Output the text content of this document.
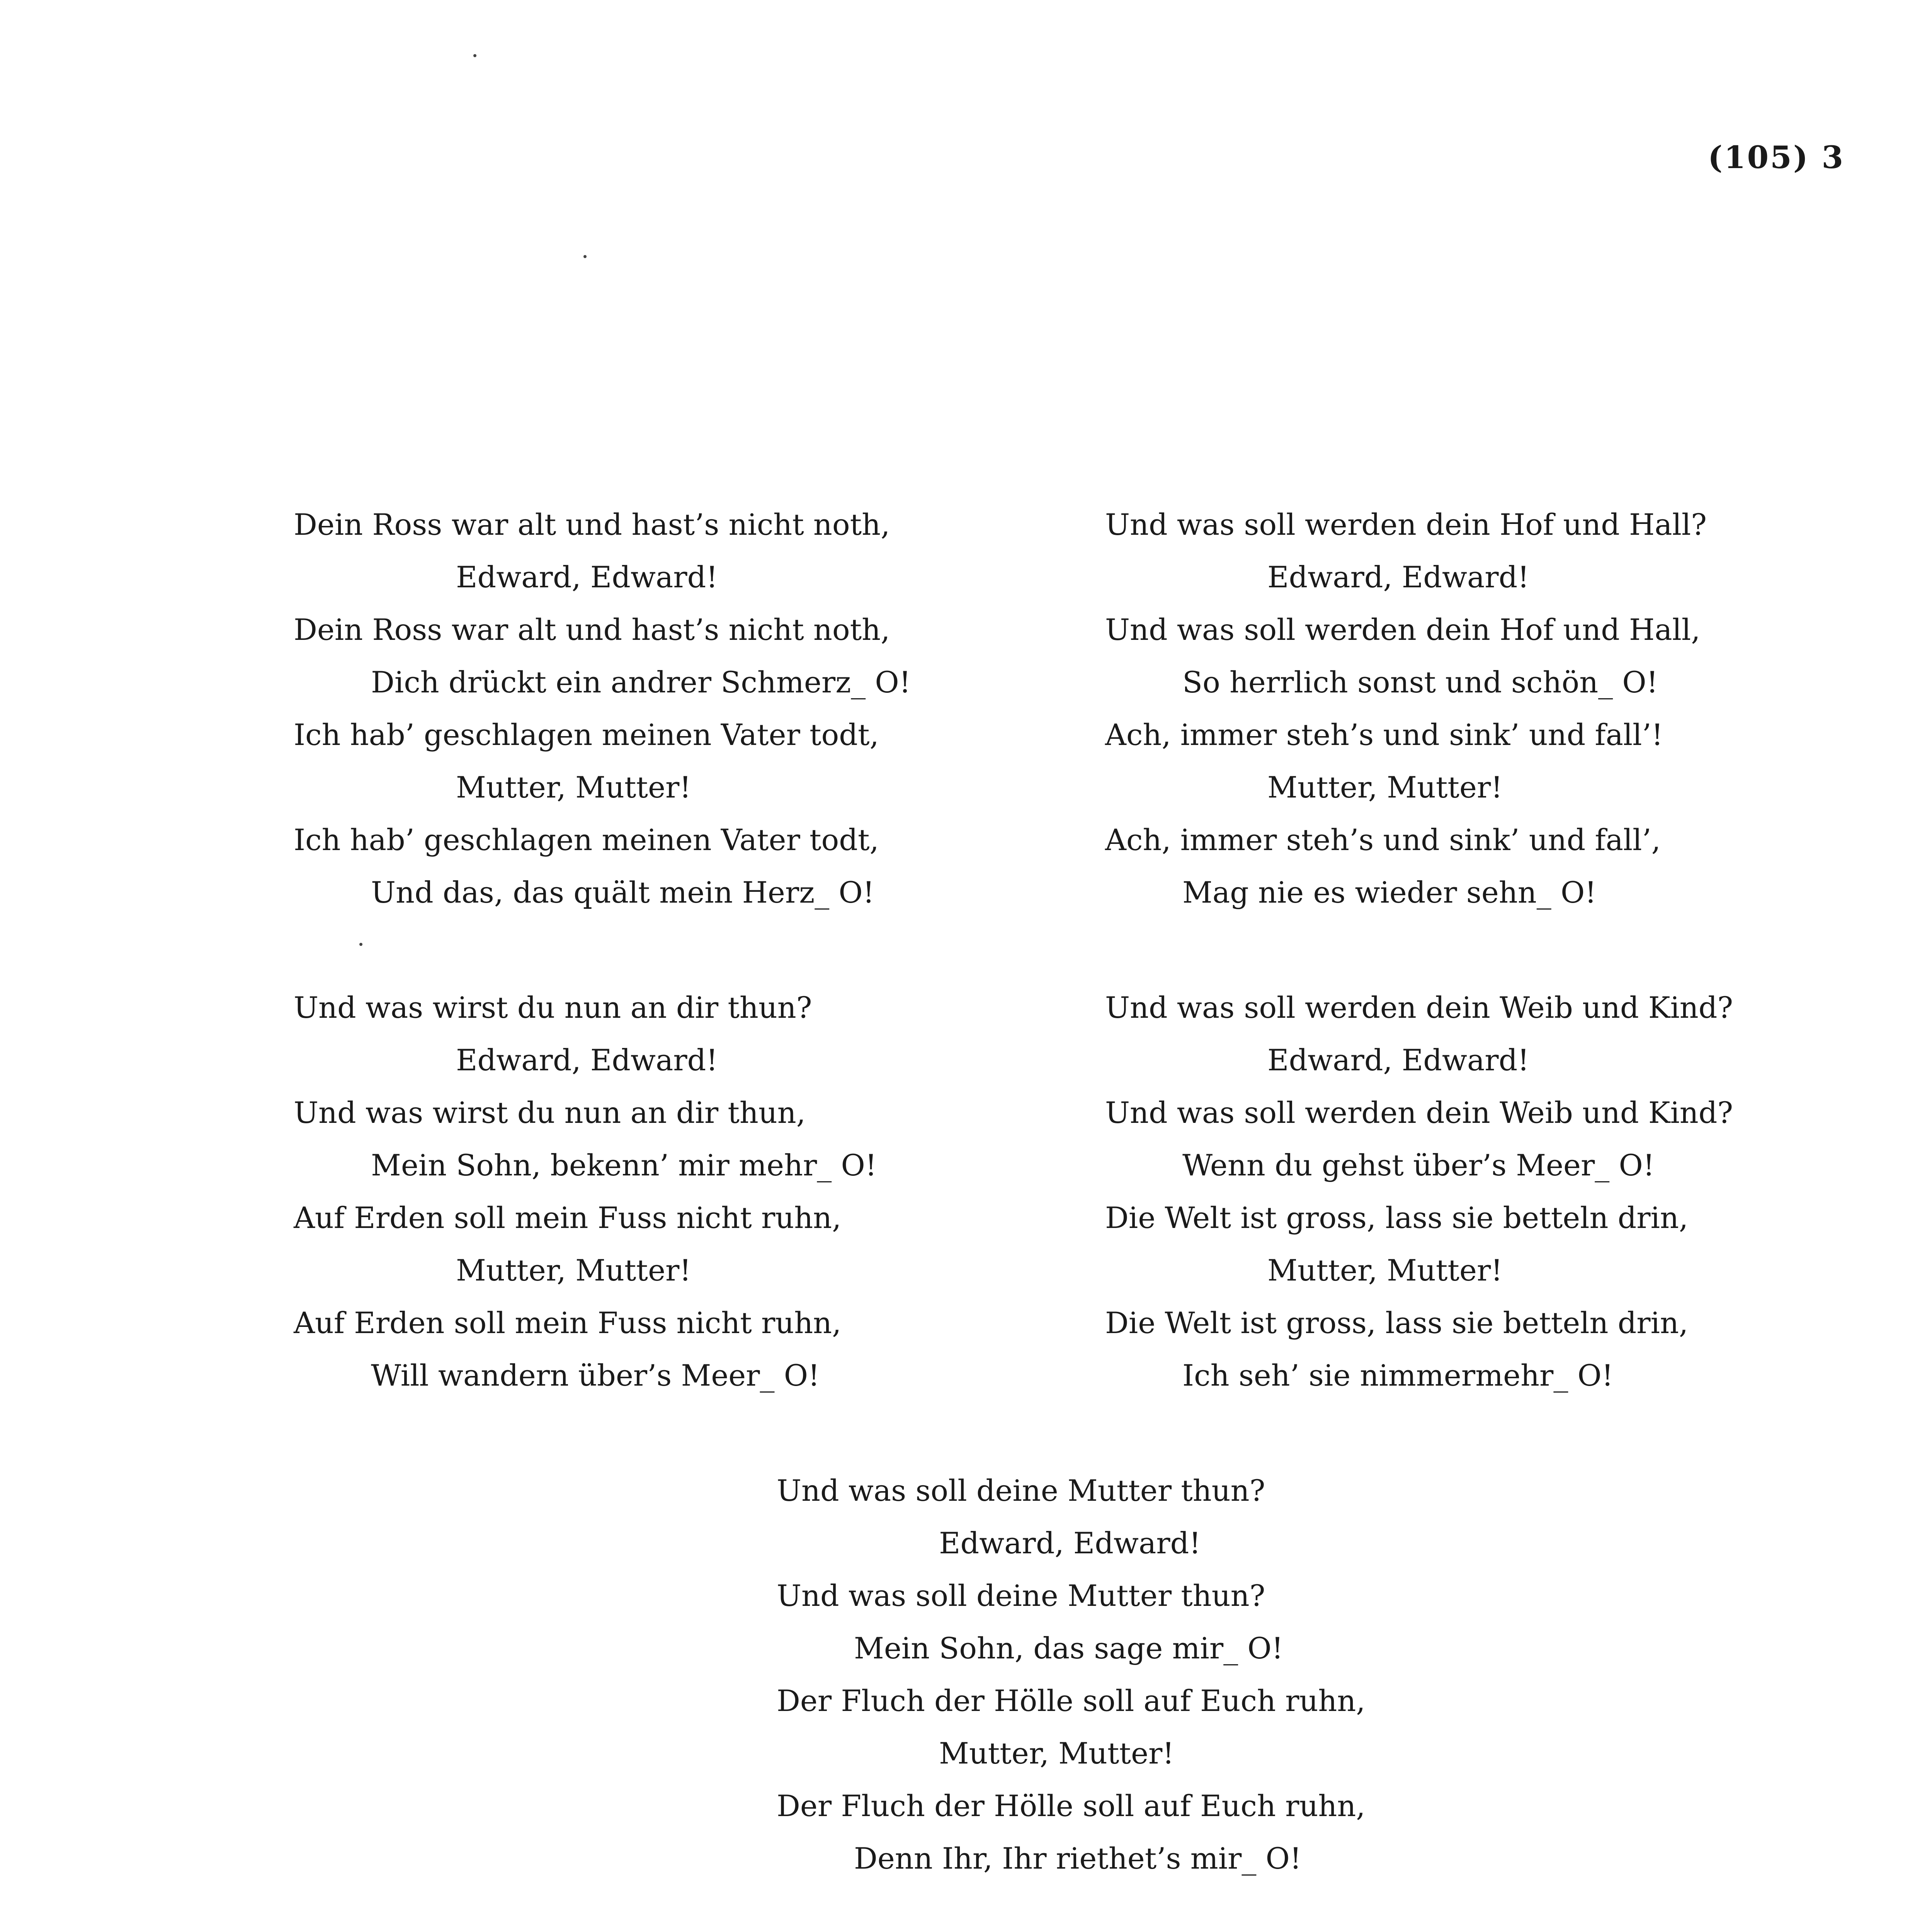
(105) 3
Dein Ross war alt und hast’s nicht noth,
Edward, Edward!
Dein Ross war alt und hast’s nicht noth,
Dich drückt ein andrer Schmerz_ O!
Ich hab’ geschlagen meinen Vater todt,
Mutter, Mutter!
Ich hab’ geschlagen meinen Vater todt,
Und das, das quält mein Herz_ O!
Und was wirst du nun an dir thun?
Edward, Edward!
Und was wirst du nun an dir thun,
Mein Sohn, bekenn’ mir mehr_ O!
Auf Erden soll mein Fuss nicht ruhn,
Mutter, Mutter!
Auf Erden soll mein Fuss nicht ruhn,
Will wandern über’s Meer_ O!
Und was soll werden dein Hof und Hall?
Edward, Edward!
Und was soll werden dein Hof und Hall,
So herrlich sonst und schön_ O!
Ach, immer steh’s und sink’ und fall’!
Mutter, Mutter!
Ach, immer steh’s und sink’ und fall’,
Mag nie es wieder sehn_ O!
Und was soll werden dein Weib und Kind?
Edward, Edward!
Und was soll werden dein Weib und Kind?
Wenn du gehst über’s Meer_ O!
Die Welt ist gross, lass sie betteln drin,
Mutter, Mutter!
Die Welt ist gross, lass sie betteln drin,
Ich seh’ sie nimmermehr_ O!
Und was soll deine Mutter thun?
Edward, Edward!
Und was soll deine Mutter thun?
Mein Sohn, das sage mir_ O!
Der Fluch der Hölle soll auf Euch ruhn,
Mutter, Mutter!
Der Fluch der Hölle soll auf Euch ruhn,
Denn Ihr, Ihr riethet’s mir_ O!
